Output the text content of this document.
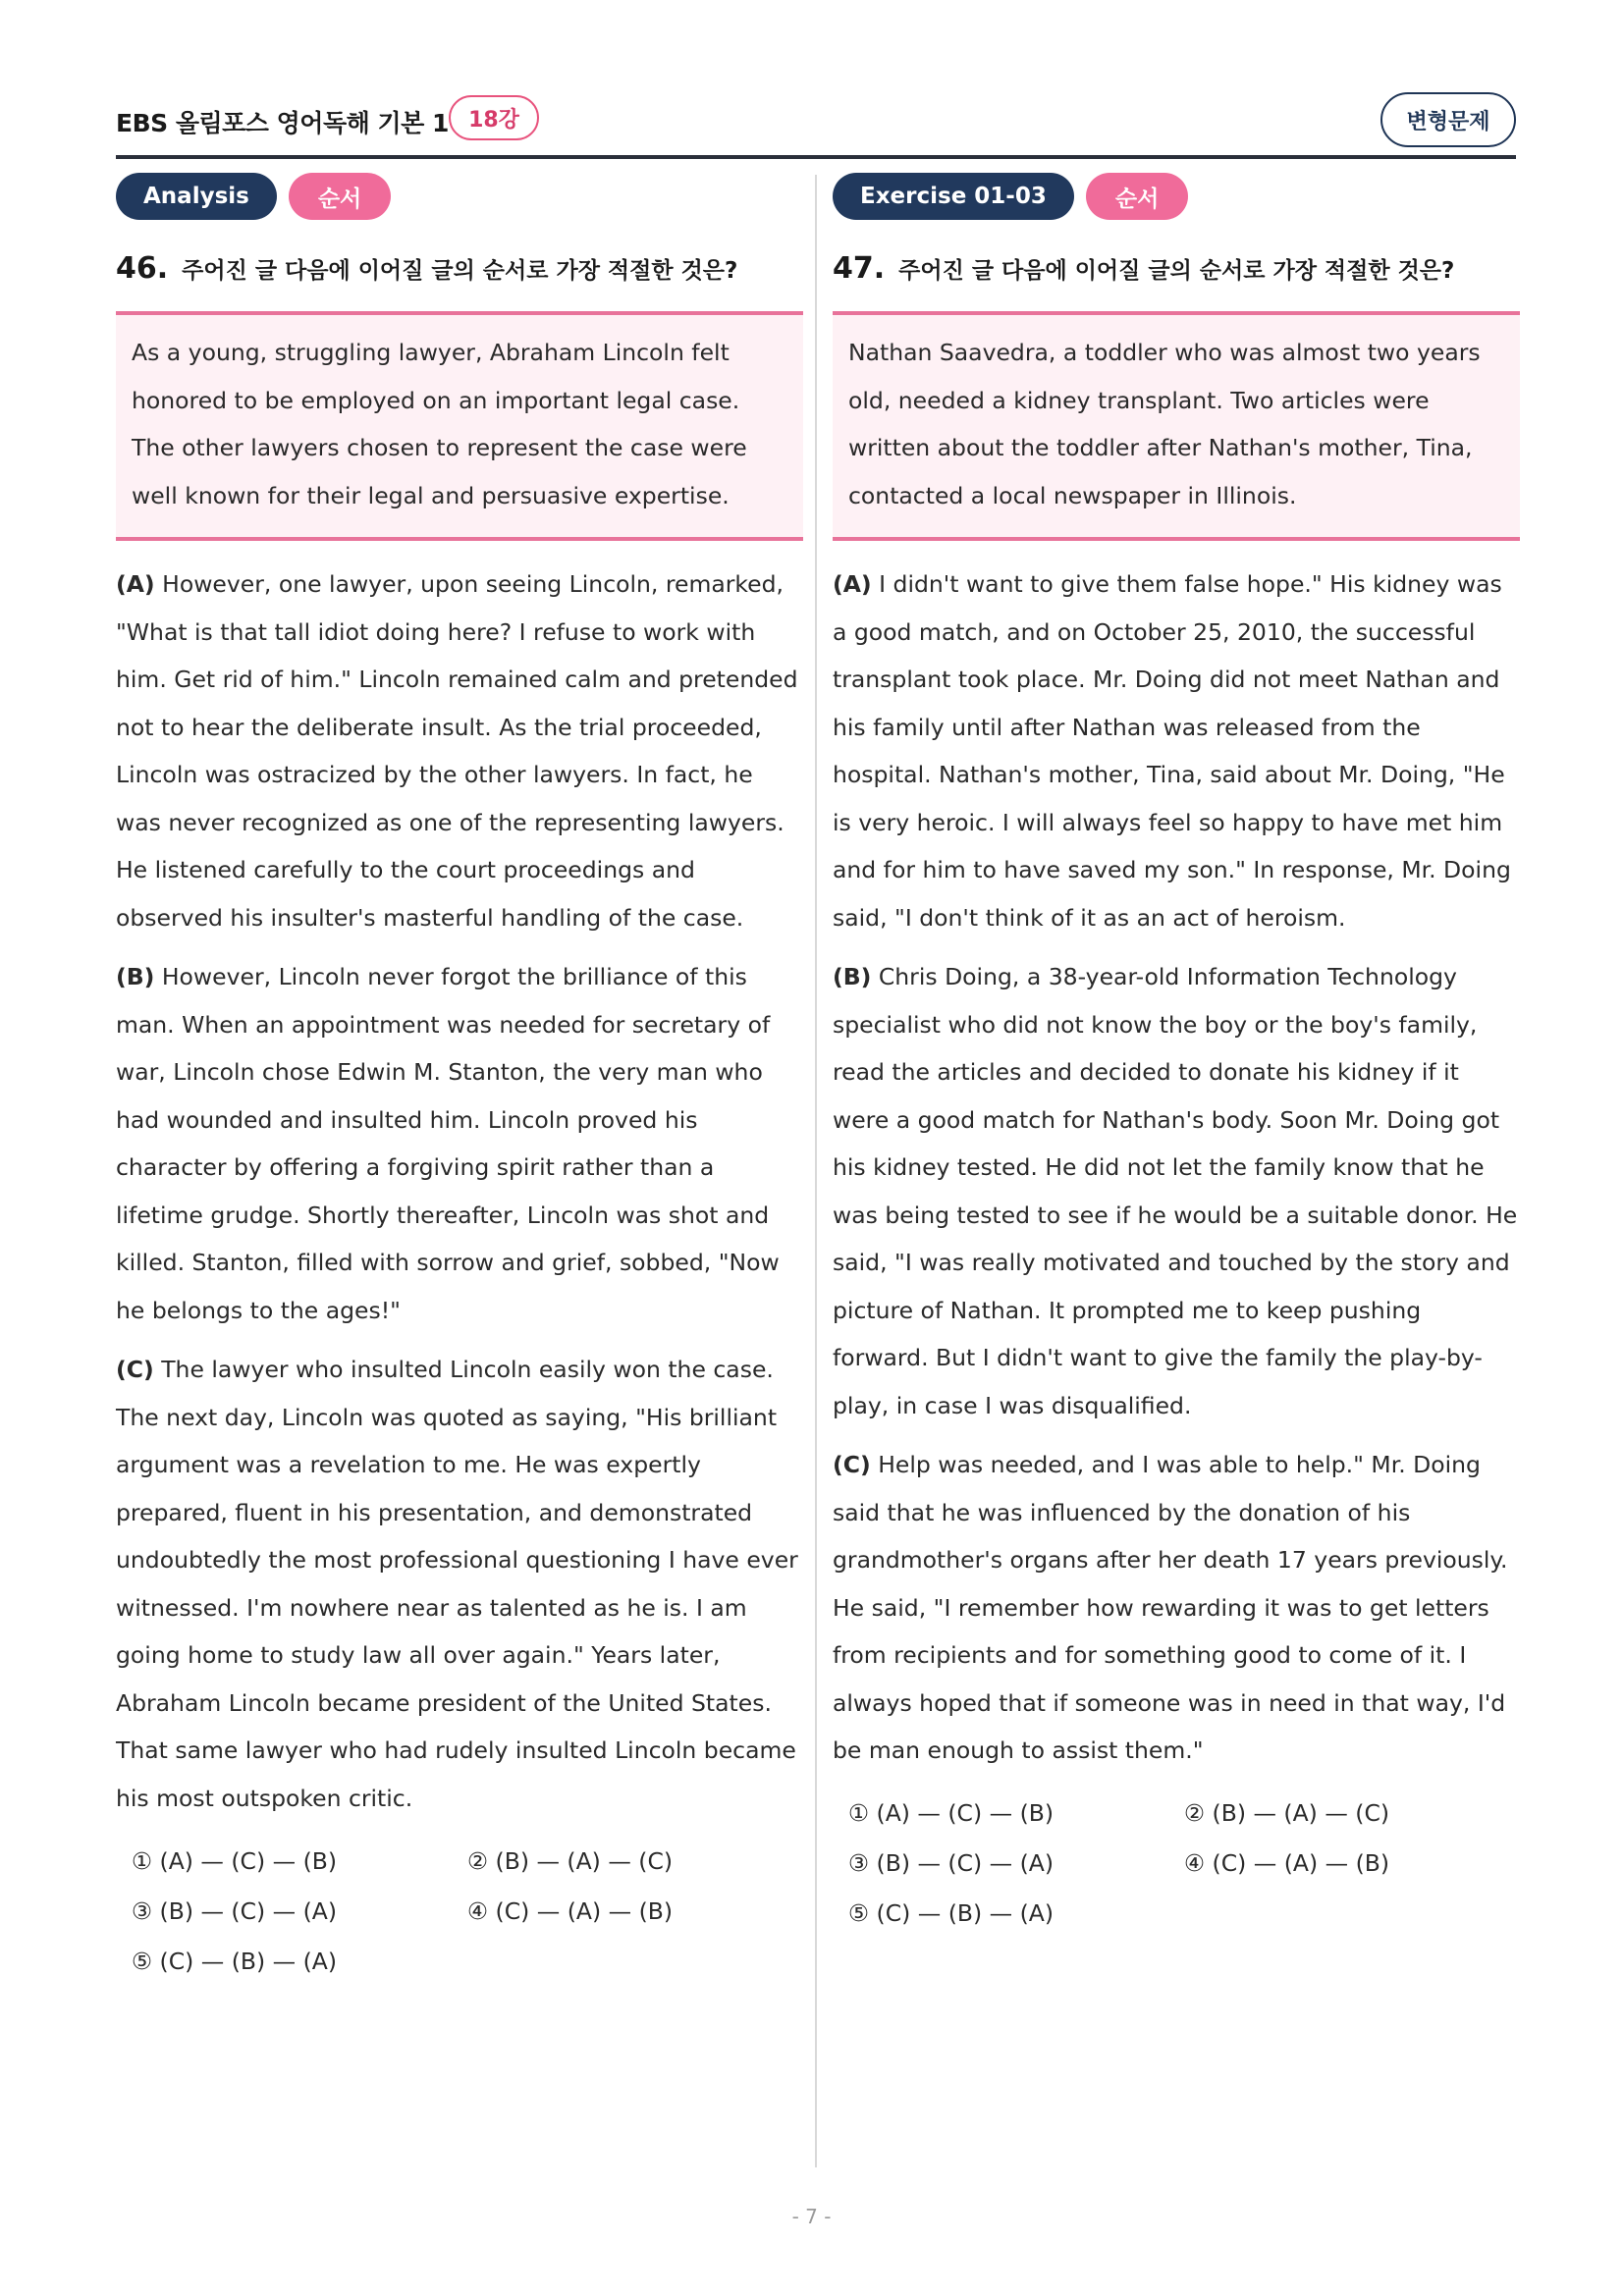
EBS 올림포스 영어독해 기본 1 18강	변형문제
Analysis	순서
46. 주어진 글 다음에 이어질 글의 순서로 가장 적절한 것은?
As a young, struggling lawyer, Abraham Lincoln felt honored to be employed on an important legal case. The other lawyers chosen to represent the case were well known for their legal and persuasive expertise.
(A) However, one lawyer, upon seeing Lincoln, remarked, "What is that tall idiot doing here? I refuse to work with him. Get rid of him." Lincoln remained calm and pretended not to hear the deliberate insult. As the trial proceeded, Lincoln was ostracized by the other lawyers. In fact, he was never recognized as one of the representing lawyers. He listened carefully to the court proceedings and observed his insulter's masterful handling of the case.
(B) However, Lincoln never forgot the brilliance of this man. When an appointment was needed for secretary of war, Lincoln chose Edwin M. Stanton, the very man who had wounded and insulted him. Lincoln proved his character by offering a forgiving spirit rather than a lifetime grudge. Shortly thereafter, Lincoln was shot and killed. Stanton, filled with sorrow and grief, sobbed, "Now he belongs to the ages!"
(C) The lawyer who insulted Lincoln easily won the case. The next day, Lincoln was quoted as saying, "His brilliant argument was a revelation to me. He was expertly prepared, fluent in his presentation, and demonstrated undoubtedly the most professional questioning I have ever witnessed. I'm nowhere near as talented as he is. I am going home to study law all over again." Years later, Abraham Lincoln became president of the United States. That same lawyer who had rudely insulted Lincoln became his most outspoken critic.
① (A) — (C) — (B)	② (B) — (A) — (C)
③ (B) — (C) — (A)	④ (C) — (A) — (B)
⑤ (C) — (B) — (A)
Exercise 01-03	순서
47. 주어진 글 다음에 이어질 글의 순서로 가장 적절한 것은?
Nathan Saavedra, a toddler who was almost two years old, needed a kidney transplant. Two articles were written about the toddler after Nathan's mother, Tina, contacted a local newspaper in Illinois.
(A) I didn't want to give them false hope." His kidney was a good match, and on October 25, 2010, the successful transplant took place. Mr. Doing did not meet Nathan and his family until after Nathan was released from the hospital. Nathan's mother, Tina, said about Mr. Doing, "He is very heroic. I will always feel so happy to have met him and for him to have saved my son." In response, Mr. Doing said, "I don't think of it as an act of heroism.
(B) Chris Doing, a 38-year-old Information Technology specialist who did not know the boy or the boy's family, read the articles and decided to donate his kidney if it were a good match for Nathan's body. Soon Mr. Doing got his kidney tested. He did not let the family know that he was being tested to see if he would be a suitable donor. He said, "I was really motivated and touched by the story and picture of Nathan. It prompted me to keep pushing forward. But I didn't want to give the family the play-by-play, in case I was disqualified.
(C) Help was needed, and I was able to help." Mr. Doing said that he was influenced by the donation of his grandmother's organs after her death 17 years previously. He said, "I remember how rewarding it was to get letters from recipients and for something good to come of it. I always hoped that if someone was in need in that way, I'd be man enough to assist them."
① (A) — (C) — (B)	② (B) — (A) — (C)
③ (B) — (C) — (A)	④ (C) — (A) — (B)
⑤ (C) — (B) — (A)
- 7 -
